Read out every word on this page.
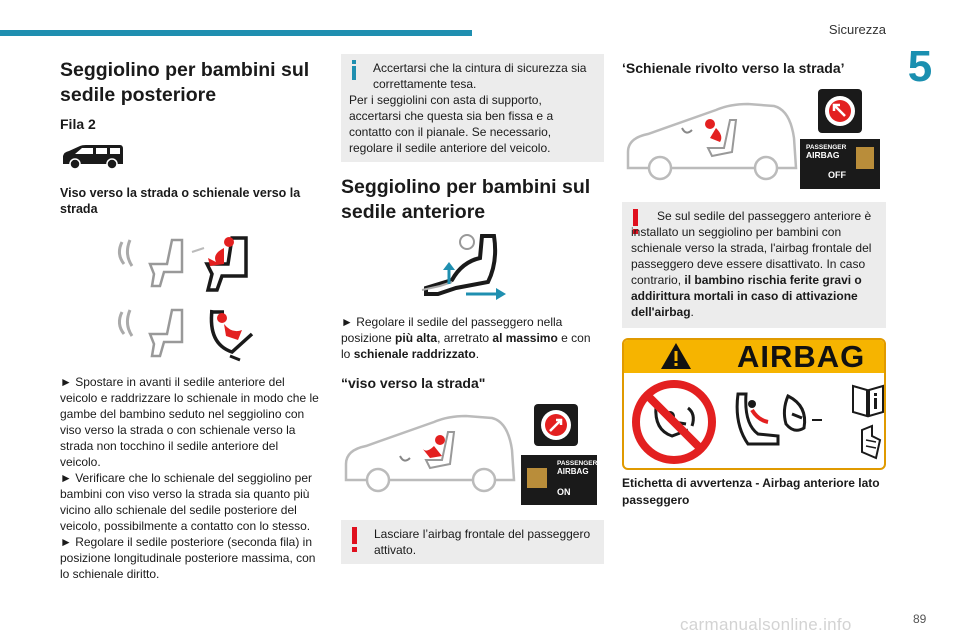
Sicurezza
5
Seggiolino per bambini sul sedile posteriore
Fila 2
Viso verso la strada o schienale verso la strada

► Spostare in avanti il sedile anteriore del veicolo e raddrizzare lo schienale in modo che le gambe del bambino seduto nel seggiolino con viso verso la strada o con schienale verso la strada non tocchino il sedile anteriore del veicolo.

► Verificare che lo schienale del seggiolino per bambini con viso verso la strada sia quanto più vicino allo schienale del sedile posteriore del veicolo, possibilmente a contatto con lo stesso.

► Regolare il sedile posteriore (seconda fila) in posizione longitudinale posteriore massima, con lo schienale diritto.

Accertarsi che la cintura di sicurezza sia correttamente tesa.
Per i seggiolini con asta di supporto, accertarsi che questa sia ben fissa e a contatto con il pianale. Se necessario, regolare il sedile anteriore del veicolo.
Seggiolino per bambini sul sedile anteriore

► Regolare il sedile del passeggero nella posizione più alta, arretrato al massimo e con lo schienale raddrizzato.

“viso verso la strada"
PASSENGER
AIRBAG
ON
Lasciare l’airbag frontale del passeggero attivato.
‘Schienale rivolto verso la strada’
PASSENGER
AIRBAG
OFF

Se sul sedile del passeggero anteriore è installato un seggiolino per bambini con schienale verso la strada, l'airbag frontale del passeggero deve essere disattivato. In caso contrario, il bambino rischia ferite gravi o addirittura mortali in caso di attivazione dell'airbag.

AIRBAG

Etichetta di avvertenza - Airbag anteriore lato passeggero

carmanualsonline.info	89
